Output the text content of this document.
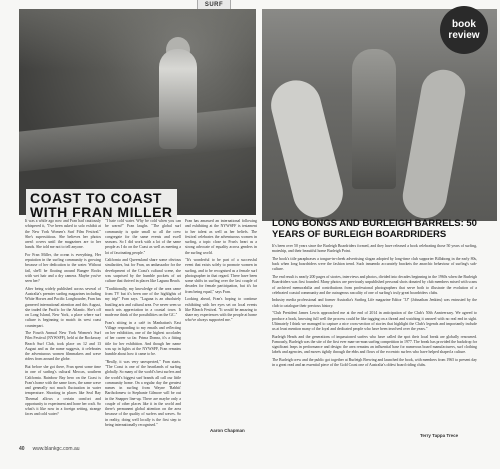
SURF
COAST TO COAST
WITH FRAN MILLER
book
review

It was a while ago now and Fran had cautiously whispered it, "I've been asked to solo exhibit at the New York Women's Surf Film Festival." She's superstitious. She believes her photos aren't covers until the magazines are to her hands. She told me not to tell anyone.

For Fran Miller, the ocean is everything. Her reputation in the surfing community is growing because of her dedication to the water. Without fail, she'll be floating around Bungee Rocks with wet hair and a dry camera. Maybe you've seen her?

After being widely published across several of Australia's premier surfing magazines including White Horses and Pacific Longboarder, Fran has garnered international attention and this August, she traded the Pacific for the Atlantic. She's off on Long Island, New York, a place where surf culture is beginning to match its west coast counterpart.

The Fourth Annual New York Women's Surf Film Festival (NYWSFF), held at the Rockaway Beach Surf Club, took place on 12 and 13 August and as the name suggests, it celebrates the adventurous women filmmakers and wave riders from around the globe.

But before she got there, Fran spent some time in one of surfing's cultural Meccas, southern California. Rainbow Bay hero on the Coast is Fran's home with the same faces, the same wave and generally not much fluctuation in water temperature. Shooting in places like Seal Bay Thermal allows a certain comfort and opportunity to experiment and hone her craft. So what's it like now in a foreign setting, strange faces and cold water?

"I hate cold water. Why be cold when you can be warm?" Fran laughs. "The global surf community is quite small so all the crew congregate for the same events and swell seasons. So I did work with a lot of the same people as I do on the Coast as well as meeting a lot of fascinating people."

California and Queensland share some obvious similarities, but for Fran, an ambassador for the development of the Coast's cultural scene, she was surprised by the humble pockets of art culture that thrived in places like Laguna Beach.

"Traditionally, my knowledge of the area came from TV but it's been one of the highlights of my trip!" Fran says. "Laguna is an absolutely bustling arts and cultural area. I've never seen so much arts appreciation in a coastal town. It made me think of the possibilities on the GC."

Fran's sitting in a café in Manhattan's East Village responding to my emails and reflecting on her exhibition, one of the highest accolades of her career so far. Prima Donna, it's a fitting title for her exhibition. And though her name was up in lights at the NYWSFF, Fran remains humble about how it came to be.

"Really, it was very unexpected," Fran starts. "The Coast is one of the heartlands of surfing globally. So many of the world's best surfers and the world's biggest surf brands all call our little community home. On a regular day the greatest names in surfing from Wayne 'Rabbit' Bartholomew to Stephanie Gilmore will be out in the Snapper line-up. There are maybe only a couple of other places like it in the world and there's permanent global attention on the area because of the quality of surfers and waves. So in reality, doing well locally is the first step to being internationally recognised."

Fran has amassed an international following and exhibiting at the NYWSFF is testament to her talent as well as her beliefs. The festival celebrates the adventurous women in surfing, a topic close to Fran's heart as a strong advocate of equality across genders in the surfing world.

"It's wonderful to be part of a successful event that exists solely to promote women in surfing, and to be recognised as a female surf photographer in that regard. There have been some shifts in surfing over the last couple of decades for female participation, but it's far from being equal," says Fran.

Looking ahead, Fran's hoping to continue exhibiting with her eyes set on local events like Bleach Festival. "It would be amazing to share my experiences with the people at home who've always supported me."

Aaron Chapman
LONG BONGS AND BURLEIGH BARRELS: 50 YEARS OF BURLEIGH BOARDRIDERS

It's been over 50 years since the Burleigh Boardriders formed, and they have released a book celebrating those 50 years of surfing, mateship, and their beautiful home Burleigh Point.

The book's title paraphrases a tongue-in-cheek advertising slogan adopted by long-time club supporter Billabong in the early 80s, back when long boardriders were the fashion trend. Such innuendo accurately brackets the anarchic behaviour of surfing's sub-culture.

The end result is nearly 200 pages of stories, interviews and photos, divided into decades beginning in the 1960s when the Burleigh Boardriders was first founded. Many photos are previously unpublished personal shots donated by club members mixed with scans of archived memorabilia and contributions from professional photographers that serve both to illustrate the evolution of a celebrated coastal community and the outrageous rascality of one of surfing's truly great boardriders clubs.

Industry media professional and former Australia's Surfing Life magazine Editor "JJ" (Johnathan Jenkins) was entrusted by the club to catalogue their precious history.

"Club President James Lewis approached me at the end of 2014 in anticipation of the Club's 50th Anniversary. We agreed to produce a book, knowing full well the process could be like tugging on a thread and watching it unravel with no real end in sight. Ultimately I think we managed to capture a nice cross-section of stories that highlight the Club's legends and importantly include us at least mention many of the loyal and dedicated people who have been involved over the years."

Burleigh Heads and the generations of impassioned surfers who have called the spot their local break are globally renowned. Famously, Burleigh was the site of the first ever man-on-man surfing competition in 1977. The break has provided the backdrop for significant leaps in performance and design: the area remains an influential base for numerous board manufacturers, surf clothing labels and agencies, and moves tightly through the ebbs and flows of the eccentric surfers who have helped shaped a culture.

The Burleigh crew and the public got together at Burleigh Brewing and launched the book, with members from 1965 to present day in a great read and an essential piece of the Gold Coast one of Australia's oldest board riding clubs.

Terry Tappa Trece
40 www.blankgc.com.au
